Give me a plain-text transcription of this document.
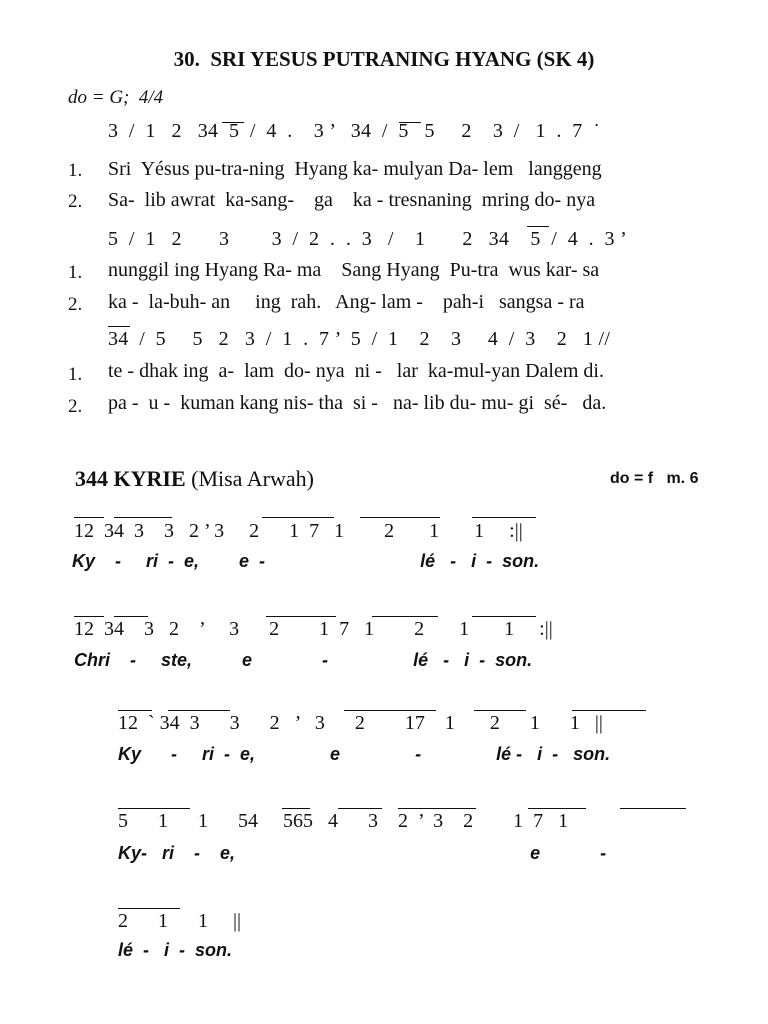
30.  SRI YESUS PUTRANING HYANG (SK 4)
do = G;  4/4
3  /  1   2   34  5  /  4  .    3 ’   34  /  5   5     2    3  /   1  .  7  ˙
1. Sri  Yésus pu-tra-ning  Hyang ka- mulyan Da- lem   langgeng
2. Sa-  lib awrat  ka-sang-    ga    ka - tresnaning  mring do- nya
5  /  1   2       3        3  /  2  .  .  3   /    1       2   34    5  /  4  .  3 ’
1. nunggil ing Hyang Ra- ma    Sang Hyang  Pu-tra  wus kar- sa
2. ka -  la-buh- an     ing  rah.   Ang- lam -    pah-i   sangsa - ra
34  /  5     5   2   3  /  1  .  7 ’  5  /  1    2    3     4  /  3    2   1 //
1. te - dhak ing  a-  lam  do- nya  ni -   lar  ka-mul-yan Dalem di.
2. pa -  u -  kuman kang nis- tha  si -   na- lib du- mu- gi  sé-   da.
344 KYRIE (Misa Arwah)	do = f   m. 6
12  34  3    3   2 ’ 3     2      1  7   1        2       1       1     :||
Ky    -     ri  -  e,        e  -                               lé   -   i  -  son.
12  34    3   2    ’     3      2        1  7   1        2       1       1     :||
Chri    -     ste,          e              -                 lé   -   i  -  son.
12  ` 34  3      3      2   ’   3      2        17    1       2      1      1   ||
Ky      -     ri  -  e,               e               -               lé -   i  -   son.
5      1      1      54     565   4      3    2  ’  3    2        1  7   1
Ky-   ri    -    e,                                                           e            -
2      1      1     ||
lé  -   i  -  son.
